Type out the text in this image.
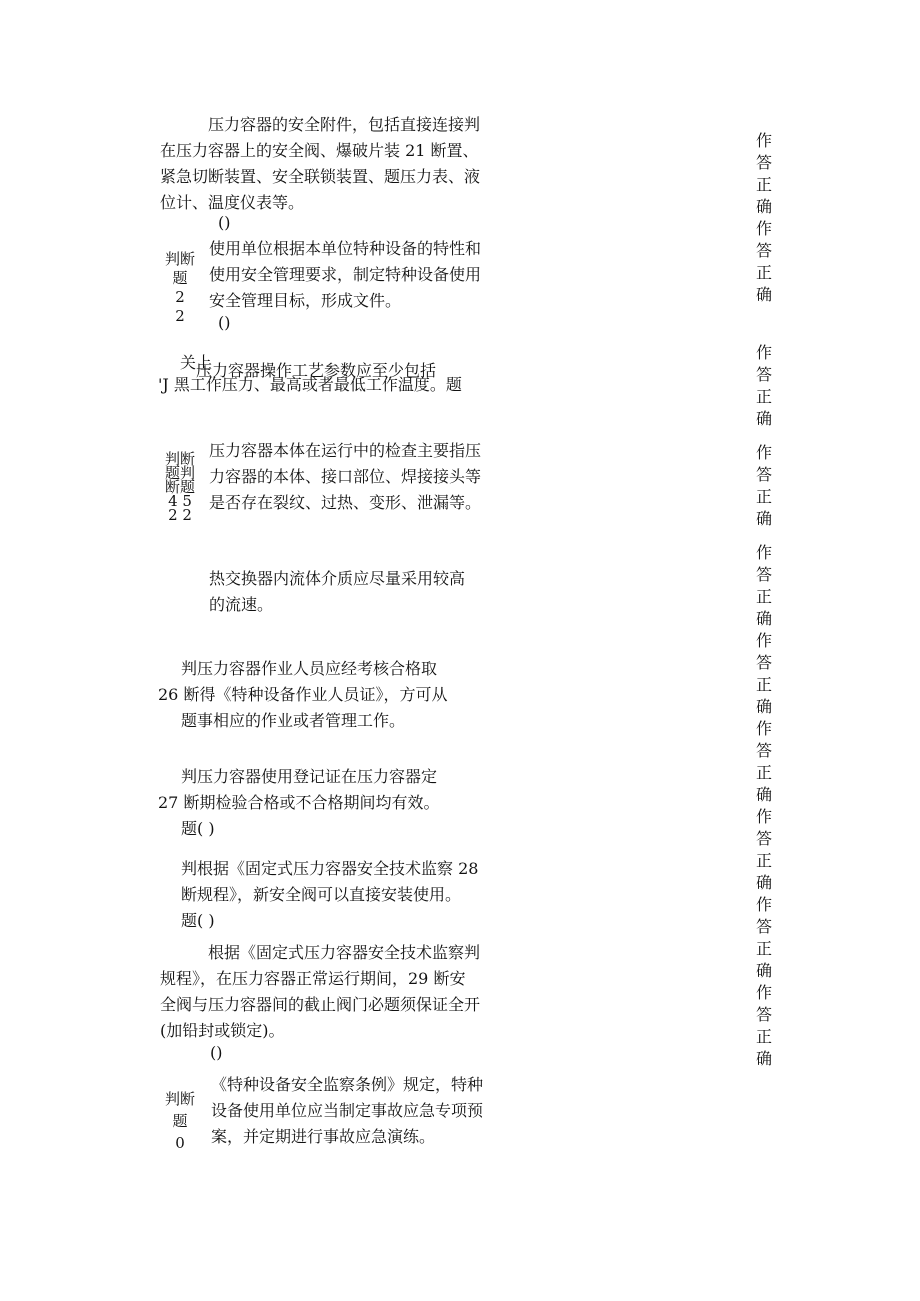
压力容器的安全附件，包括直接连接判
在压力容器上的安全阀、爆破片装 21 断置、
紧急切断装置、安全联锁装置、题压力表、液
位计、温度仪表等。
()
判断
题
2
2
使用单位根据本单位特种设备的特性和
使用安全管理要求，制定特种设备使用
安全管理目标，形成文件。
()
关上
压力容器操作工艺参数应至少包括
'J 黑工作压力、最高或者最低工作温度。题
判断
题判
断题
4 5
2 2
压力容器本体在运行中的检查主要指压
力容器的本体、接口部位、焊接接头等
是否存在裂纹、过热、变形、泄漏等。
热交换器内流体介质应尽量采用较高
的流速。
判压力容器作业人员应经考核合格取
26 断得《特种设备作业人员证》，方可从
题事相应的作业或者管理工作。
判压力容器使用登记证在压力容器定
27 断期检验合格或不合格期间均有效。
题( )
判根据《固定式压力容器安全技术监察 28
断规程》，新安全阀可以直接安装使用。
题( )
根据《固定式压力容器安全技术监察判
规程》，在压力容器正常运行期间，29 断安
全阀与压力容器间的截止阀门必题须保证全开
(加铅封或锁定)。
()
判断
题
0
《特种设备安全监察条例》规定，特种
设备使用单位应当制定事故应急专项预
案，并定期进行事故应急演练。
作
答
正
确
作
答
正
确
作
答
正
确
作
答
正
确
作
答
正
确
作
答
正
确
作
答
正
确
作
答
正
确
作
答
正
确
作
答
正
确
